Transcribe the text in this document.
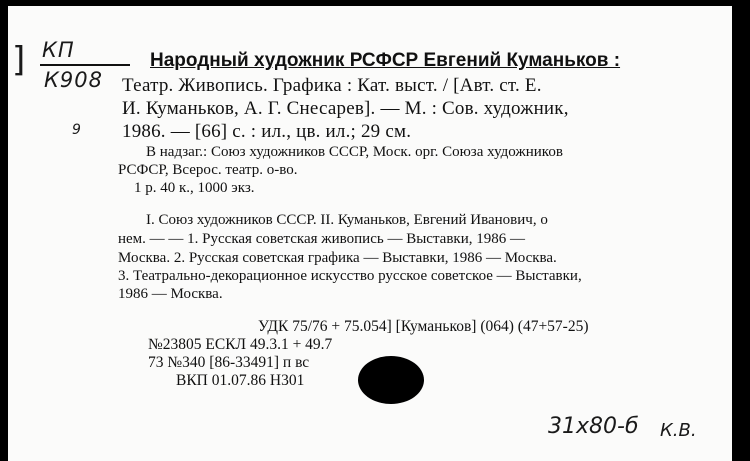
] КП
К908
9
Народный художник РСФСР Евгений Куманьков :
Театр. Живопись. Графика : Кат. выст. / [Авт. ст. Е.
И. Куманьков, А. Г. Снесарев]. — М. : Сов. художник,
1986. — [66] с. : ил., цв. ил.; 29 см.
В надзаг.: Союз художников СССР, Моск. орг. Союза художников
РСФСР, Всерос. театр. о-во.
1 р. 40 к., 1000 экз.
I. Союз художников СССР. II. Куманьков, Евгений Иванович, о
нем. — — 1. Русская советская живопись — Выставки, 1986 —
Москва. 2. Русская советская графика — Выставки, 1986 — Москва.
3. Театрально-декорационное искусство русское советское — Выставки,
1986 — Москва.
УДК 75/76 + 75.054] [Куманьков] (064) (47+57-25)
№23805 ЕСКЛ 49.3.1 + 49.7
73 №340 [86-33491] п вс
ВКП 01.07.86 Н301
31x80-б К.В.
